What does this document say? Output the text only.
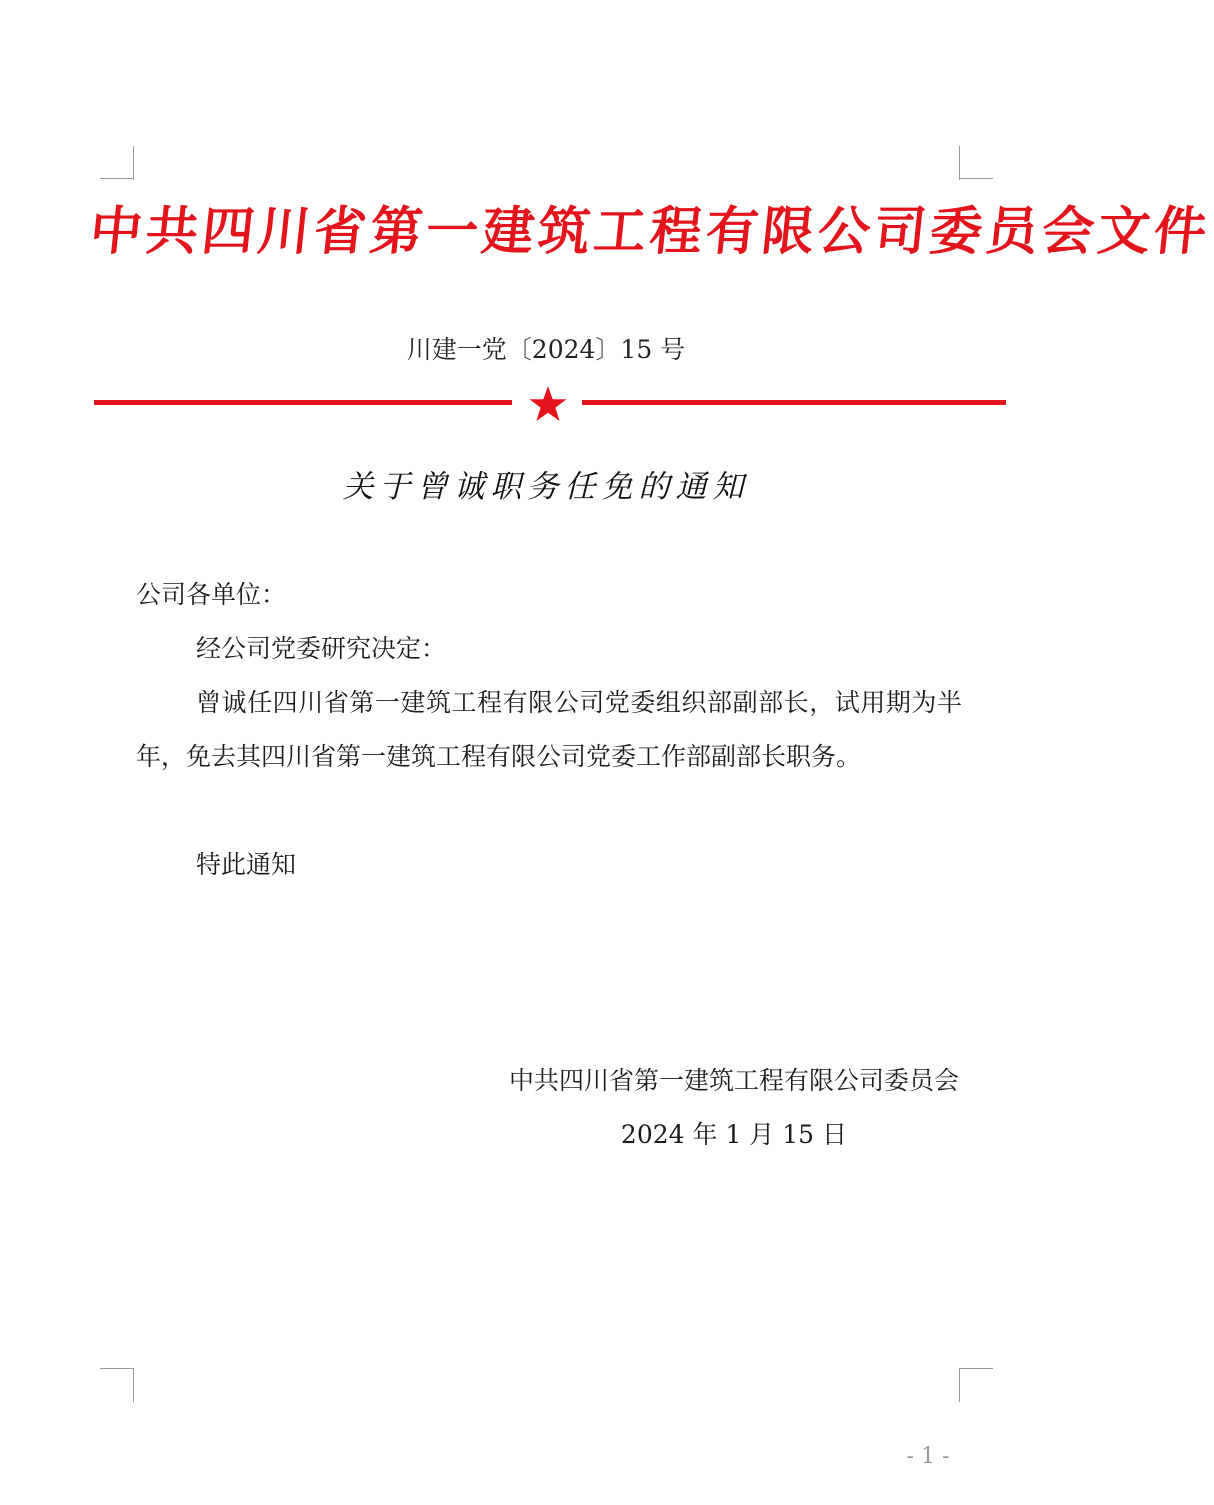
中共四川省第一建筑工程有限公司委员会文件
川建一党〔2024〕15 号
关于曾诚职务任免的通知
公司各单位：
经公司党委研究决定：
曾诚任四川省第一建筑工程有限公司党委组织部副部长，试用期为半年，免去其四川省第一建筑工程有限公司党委工作部副部长职务。
特此通知
中共四川省第一建筑工程有限公司委员会
2024 年 1 月 15 日
- 1 -
